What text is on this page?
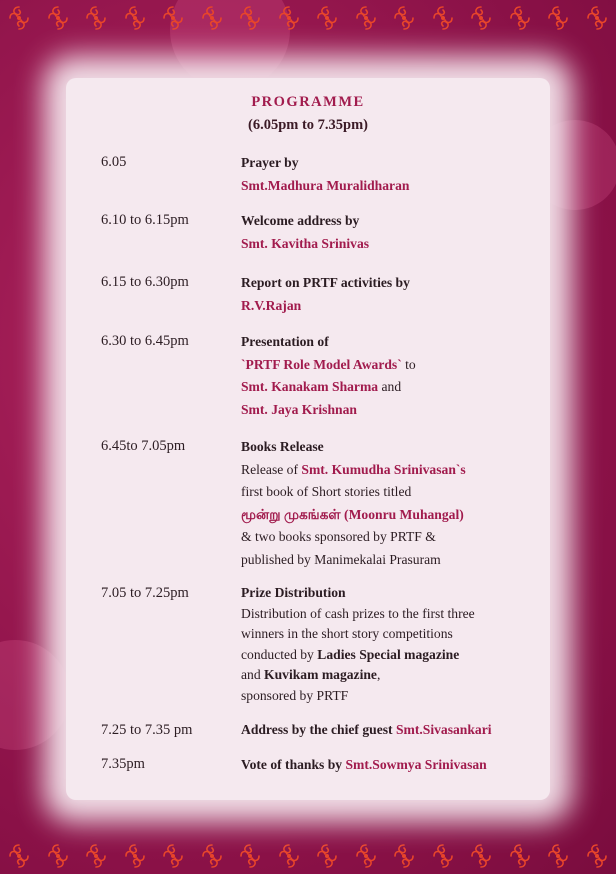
PROGRAMME
(6.05pm to 7.35pm)
6.05	Prayer by
Smt.Madhura Muralidharan
6.10 to 6.15pm	Welcome address by
Smt. Kavitha Srinivas
6.15 to 6.30pm	Report on PRTF activities by
R.V.Rajan
6.30 to 6.45pm	Presentation of
`PRTF Role Model Awards` to
Smt. Kanakam Sharma and
Smt. Jaya Krishnan
6.45to 7.05pm	Books Release
Release of Smt. Kumudha Srinivasan`s
first book of Short stories titled
மூன்று முகங்கள் (Moonru Muhangal)
& two books sponsored by PRTF &
published by Manimekalai Prasuram
7.05 to 7.25pm	Prize Distribution
Distribution of cash prizes to the first three
winners in the short story competitions
conducted by Ladies Special magazine
and Kuvikam magazine,
sponsored by PRTF
7.25 to 7.35 pm	Address by the chief guest Smt.Sivasankari
7.35pm	Vote of thanks by Smt.Sowmya Srinivasan
